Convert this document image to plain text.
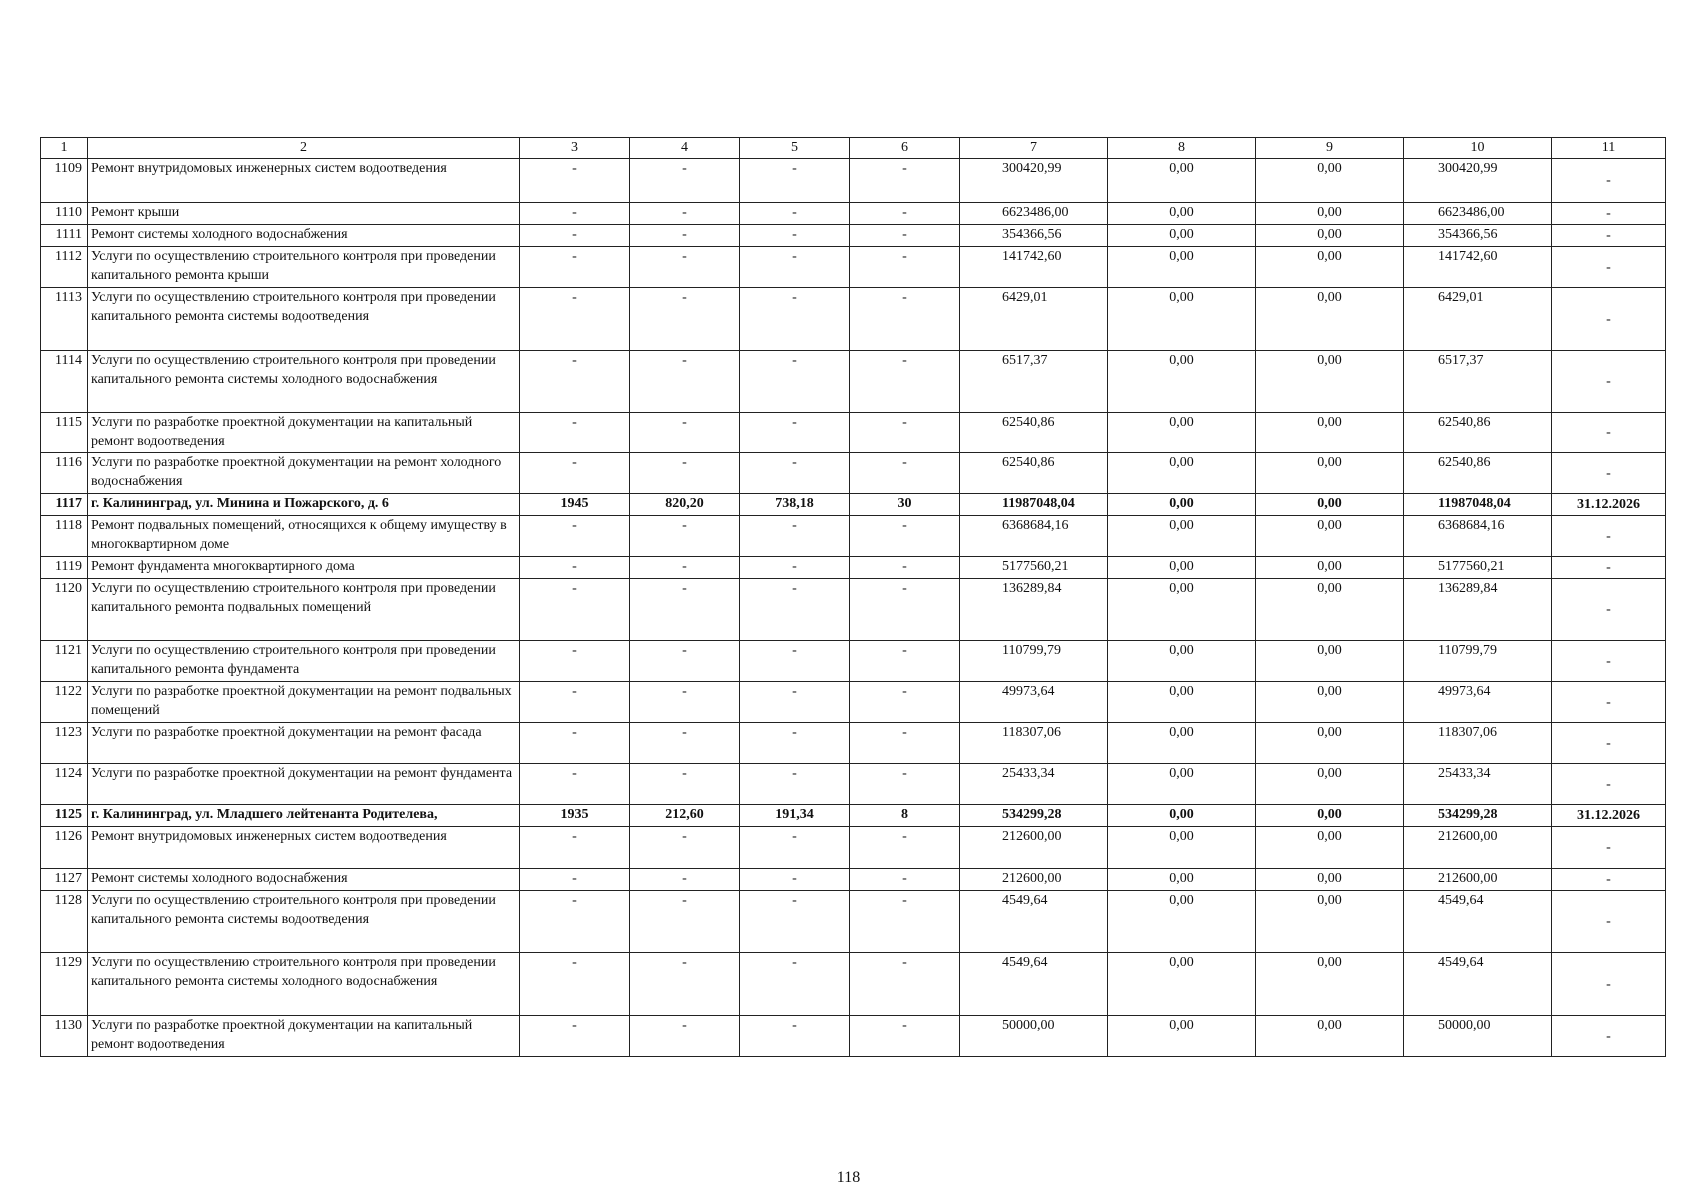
1	2	3	4	5	6	7	8	9	10	11
1109	Ремонт внутридомовых инженерных систем водоотведения	-	-	-	-	300420,99	0,00	0,00	300420,99	-
1110	Ремонт крыши	-	-	-	-	6623486,00	0,00	0,00	6623486,00	-
1111	Ремонт системы холодного водоснабжения	-	-	-	-	354366,56	0,00	0,00	354366,56	-
1112	Услуги по осуществлению строительного контроля при проведении капитального ремонта крыши	-	-	-	-	141742,60	0,00	0,00	141742,60	-
1113	Услуги по осуществлению строительного контроля при проведении капитального ремонта системы водоотведения	-	-	-	-	6429,01	0,00	0,00	6429,01	-
1114	Услуги по осуществлению строительного контроля при проведении капитального ремонта системы холодного водоснабжения	-	-	-	-	6517,37	0,00	0,00	6517,37	-
1115	Услуги по разработке проектной документации на капитальный ремонт водоотведения	-	-	-	-	62540,86	0,00	0,00	62540,86	-
1116	Услуги по разработке проектной документации на ремонт холодного водоснабжения	-	-	-	-	62540,86	0,00	0,00	62540,86	-
1117	г. Калининград, ул. Минина и Пожарского, д. 6	1945	820,20	738,18	30	11987048,04	0,00	0,00	11987048,04	31.12.2026
1118	Ремонт подвальных помещений, относящихся к общему имуществу в многоквартирном доме	-	-	-	-	6368684,16	0,00	0,00	6368684,16	-
1119	Ремонт фундамента многоквартирного дома	-	-	-	-	5177560,21	0,00	0,00	5177560,21	-
1120	Услуги по осуществлению строительного контроля при проведении капитального ремонта подвальных помещений	-	-	-	-	136289,84	0,00	0,00	136289,84	-
1121	Услуги по осуществлению строительного контроля при проведении капитального ремонта фундамента	-	-	-	-	110799,79	0,00	0,00	110799,79	-
1122	Услуги по разработке проектной документации на ремонт подвальных помещений	-	-	-	-	49973,64	0,00	0,00	49973,64	-
1123	Услуги по разработке проектной документации на ремонт фасада	-	-	-	-	118307,06	0,00	0,00	118307,06	-
1124	Услуги по разработке проектной документации на ремонт фундамента	-	-	-	-	25433,34	0,00	0,00	25433,34	-
1125	г. Калининград, ул. Младшего лейтенанта Родителева,	1935	212,60	191,34	8	534299,28	0,00	0,00	534299,28	31.12.2026
1126	Ремонт внутридомовых инженерных систем водоотведения	-	-	-	-	212600,00	0,00	0,00	212600,00	-
1127	Ремонт системы холодного водоснабжения	-	-	-	-	212600,00	0,00	0,00	212600,00	-
1128	Услуги по осуществлению строительного контроля при проведении капитального ремонта системы водоотведения	-	-	-	-	4549,64	0,00	0,00	4549,64	-
1129	Услуги по осуществлению строительного контроля при проведении капитального ремонта системы холодного водоснабжения	-	-	-	-	4549,64	0,00	0,00	4549,64	-
1130	Услуги по разработке проектной документации на капитальный ремонт водоотведения	-	-	-	-	50000,00	0,00	0,00	50000,00	-
118
